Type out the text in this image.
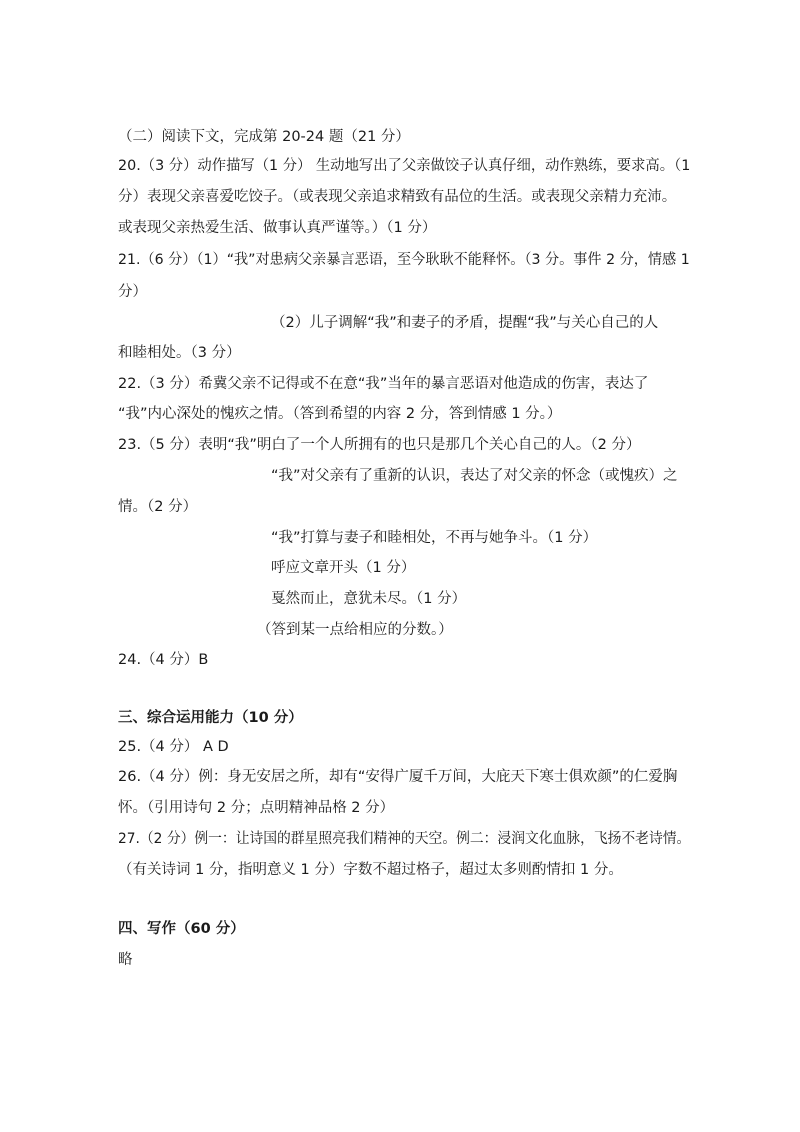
（二）阅读下文，完成第 20-24 题（21 分）
20.（3 分）动作描写（1 分） 生动地写出了父亲做饺子认真仔细，动作熟练，要求高。（1
分）表现父亲喜爱吃饺子。（或表现父亲追求精致有品位的生活。或表现父亲精力充沛。
或表现父亲热爱生活、做事认真严谨等。）（1 分）
21.（6 分）（1）“我”对患病父亲暴言恶语，至今耿耿不能释怀。（3 分。事件 2 分，情感 1
分）
（2）儿子调解“我”和妻子的矛盾，提醒“我”与关心自己的人
和睦相处。（3 分）
22.（3 分）希冀父亲不记得或不在意“我”当年的暴言恶语对他造成的伤害，表达了
“我”内心深处的愧疚之情。（答到希望的内容 2 分，答到情感 1 分。）
23.（5 分）表明“我”明白了一个人所拥有的也只是那几个关心自己的人。（2 分）
“我”对父亲有了重新的认识，表达了对父亲的怀念（或愧疚）之
情。（2 分）
“我”打算与妻子和睦相处，不再与她争斗。（1 分）
呼应文章开头（1 分）
戛然而止，意犹未尽。（1 分）
（答到某一点给相应的分数。）
24.（4 分）B
三、综合运用能力（10 分）
25.（4 分） A D
26.（4 分）例：身无安居之所，却有“安得广厦千万间，大庇天下寒士俱欢颜”的仁爱胸
怀。（引用诗句 2 分；点明精神品格 2 分）
27.（2 分）例一：让诗国的群星照亮我们精神的天空。例二：浸润文化血脉，飞扬不老诗情。
（有关诗词 1 分，指明意义 1 分）字数不超过格子，超过太多则酌情扣 1 分。
四、写作（60 分）
略
